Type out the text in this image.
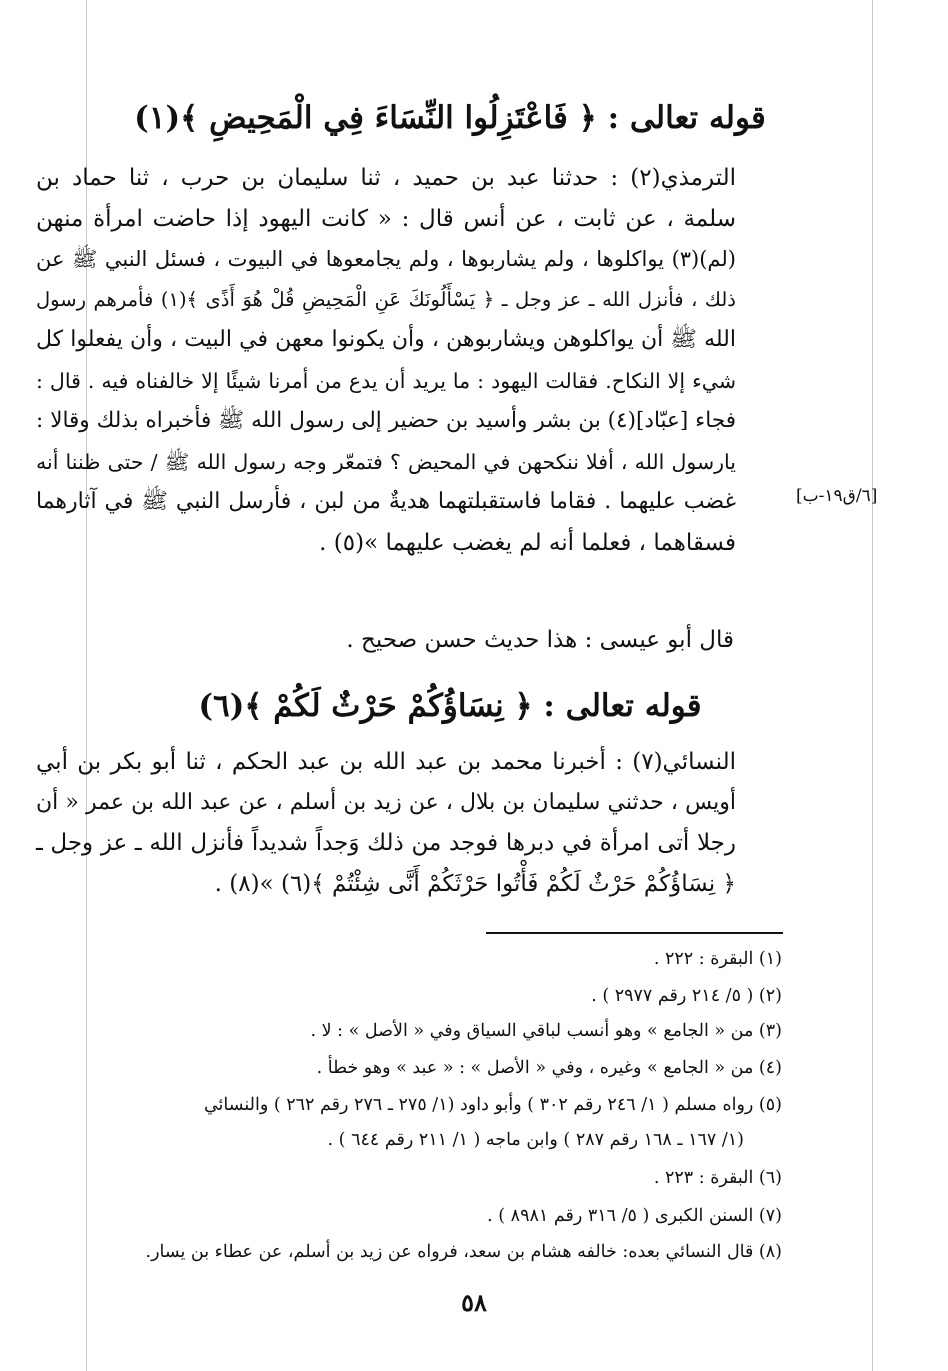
قوله تعالى : ﴿ فَاعْتَزِلُوا النِّسَاءَ فِي الْمَحِيضِ ﴾(١)
الترمذي(٢) : حدثنا عبد بن حميد ، ثنا سليمان بن حرب ، ثنا حماد بن
سلمة ، عن ثابت ، عن أنس قال : « كانت اليهود إذا حاضت امرأة منهن
(لم)(٣) يواكلوها ، ولم يشاربوها ، ولم يجامعوها في البيوت ، فسئل النبي ﷺ عن
ذلك ، فأنزل الله ـ عز وجل ـ ﴿ يَسْأَلُونَكَ عَنِ الْمَحِيضِ قُلْ هُوَ أَذًى ﴾(١) فأمرهم رسول
الله ﷺ أن يواكلوهن ويشاربوهن ، وأن يكونوا معهن في البيت ، وأن يفعلوا كل
شيء إلا النكاح. فقالت اليهود : ما يريد أن يدع من أمرنا شيئًا إلا خالفناه فيه . قال :
فجاء [عبّاد](٤) بن بشر وأسيد بن حضير إلى رسول الله ﷺ فأخبراه بذلك وقالا :
يارسول الله ، أفلا ننكحهن في المحيض ؟ فتمعّر وجه رسول الله ﷺ / حتى ظننا أنه
غضب عليهما . فقاما فاستقبلتهما هديةٌ من لبن ، فأرسل النبي ﷺ في آثارهما
فسقاهما ، فعلما أنه لم يغضب عليهما »(٥) .
[٦/ق١٩-ب]
قال أبو عيسى : هذا حديث حسن صحيح .
قوله تعالى : ﴿ نِسَاؤُكُمْ حَرْثٌ لَكُمْ ﴾(٦)
النسائي(٧) : أخبرنا محمد بن عبد الله بن عبد الحكم ، ثنا أبو بكر بن أبي
أويس ، حدثني سليمان بن بلال ، عن زيد بن أسلم ، عن عبد الله بن عمر « أن
رجلا أتى امرأة في دبرها فوجد من ذلك وَجداً شديداً فأنزل الله ـ عز وجل ـ
﴿ نِسَاؤُكُمْ حَرْثٌ لَكُمْ فَأْتُوا حَرْثَكُمْ أَنَّى شِئْتُمْ ﴾(٦) »(٨) .
(١) البقرة : ٢٢٢ .
(٢) ( ٥/ ٢١٤ رقم ٢٩٧٧ ) .
(٣) من « الجامع » وهو أنسب لباقي السياق وفي « الأصل » : لا .
(٤) من « الجامع » وغيره ، وفي « الأصل » : « عبد » وهو خطأ .
(٥) رواه مسلم ( ١/ ٢٤٦ رقم ٣٠٢ ) وأبو داود (١/ ٢٧٥ ـ ٢٧٦ رقم ٢٦٢ ) والنسائي
(١/ ١٦٧ ـ ١٦٨ رقم ٢٨٧ ) وابن ماجه ( ١/ ٢١١ رقم ٦٤٤ ) .
(٦) البقرة : ٢٢٣ .
(٧) السنن الكبرى ( ٥/ ٣١٦ رقم ٨٩٨١ ) .
(٨) قال النسائي بعده: خالفه هشام بن سعد، فرواه عن زيد بن أسلم، عن عطاء بن يسار.
٥٨
